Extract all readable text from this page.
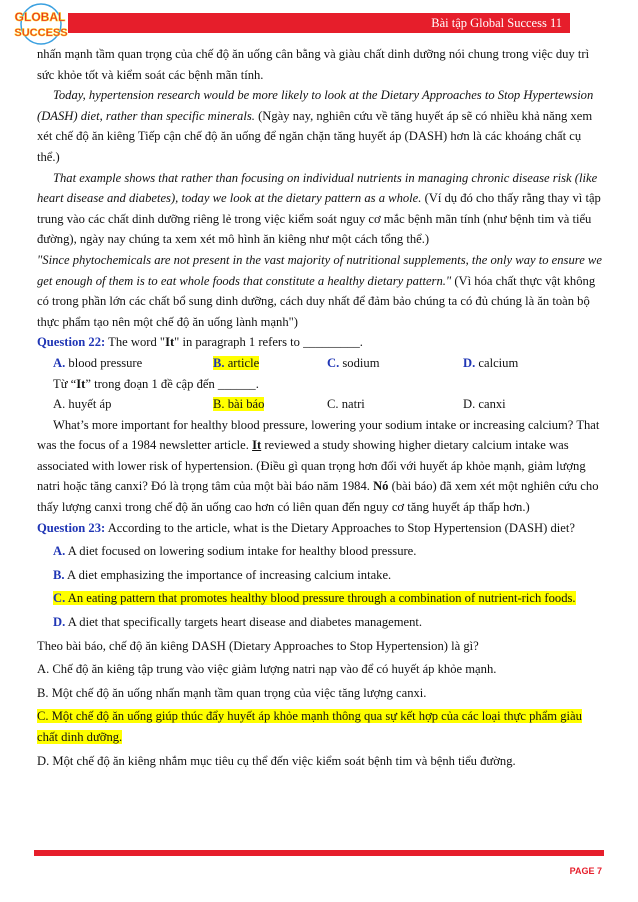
GLOBAL
SUCCESS
Bài tập Global Success 11

nhấn mạnh tầm quan trọng của chế độ ăn uống cân bằng và giàu chất dinh dưỡng nói chung trong việc duy trì sức khỏe tốt và kiểm soát các bệnh mãn tính.

Today, hypertension research would be more likely to look at the Dietary Approaches to Stop Hypertewsion (DASH) diet, rather than specific minerals. (Ngày nay, nghiên cứu về tăng huyết áp sẽ có nhiều khả năng xem xét chế độ ăn kiêng Tiếp cận chế độ ăn uống để ngăn chặn tăng huyết áp (DASH) hơn là các khoáng chất cụ thể.)

That example shows that rather than focusing on individual nutrients in managing chronic disease risk (like heart disease and diabetes), today we look at the dietary pattern as a whole. (Ví dụ đó cho thấy rằng thay vì tập trung vào các chất dinh dưỡng riêng lẻ trong việc kiểm soát nguy cơ mắc bệnh mãn tính (như bệnh tim và tiểu đường), ngày nay chúng ta xem xét mô hình ăn kiêng như một cách tổng thể.)

"Since phytochemicals are not present in the vast majority of nutritional supplements, the only way to ensure we get enough of them is to eat whole foods that constitute a healthy dietary pattern." (Vì hóa chất thực vật không có trong phần lớn các chất bổ sung dinh dưỡng, cách duy nhất để đảm bảo chúng ta có đủ chúng là ăn toàn bộ thực phẩm tạo nên một chế độ ăn uống lành mạnh")

Question 22: The word "It" in paragraph 1 refers to _________.

A. blood pressure	B. article	C. sodium	D. calcium

Từ “It” trong đoạn 1 đề cập đến ______.

A. huyết áp	B. bài báo	C. natri	D. canxi

What’s more important for healthy blood pressure, lowering your sodium intake or increasing calcium? That was the focus of a 1984 newsletter article. It reviewed a study showing higher dietary calcium intake was associated with lower risk of hypertension. (Điều gì quan trọng hơn đối với huyết áp khỏe mạnh, giảm lượng natri hoặc tăng canxi? Đó là trọng tâm của một bài báo năm 1984. Nó (bài báo) đã xem xét một nghiên cứu cho thấy lượng canxi trong chế độ ăn uống cao hơn có liên quan đến nguy cơ tăng huyết áp thấp hơn.)

Question 23: According to the article, what is the Dietary Approaches to Stop Hypertension (DASH) diet?

A. A diet focused on lowering sodium intake for healthy blood pressure.

B. A diet emphasizing the importance of increasing calcium intake.

C. An eating pattern that promotes healthy blood pressure through a combination of nutrient-rich foods.

D. A diet that specifically targets heart disease and diabetes management.

Theo bài báo, chế độ ăn kiêng DASH (Dietary Approaches to Stop Hypertension) là gì?

A. Chế độ ăn kiêng tập trung vào việc giảm lượng natri nạp vào để có huyết áp khỏe mạnh.

B. Một chế độ ăn uống nhấn mạnh tầm quan trọng của việc tăng lượng canxi.

C. Một chế độ ăn uống giúp thúc đẩy huyết áp khỏe mạnh thông qua sự kết hợp của các loại thực phẩm giàu chất dinh dưỡng.

D. Một chế độ ăn kiêng nhắm mục tiêu cụ thể đến việc kiểm soát bệnh tim và bệnh tiểu đường.

PAGE 7
